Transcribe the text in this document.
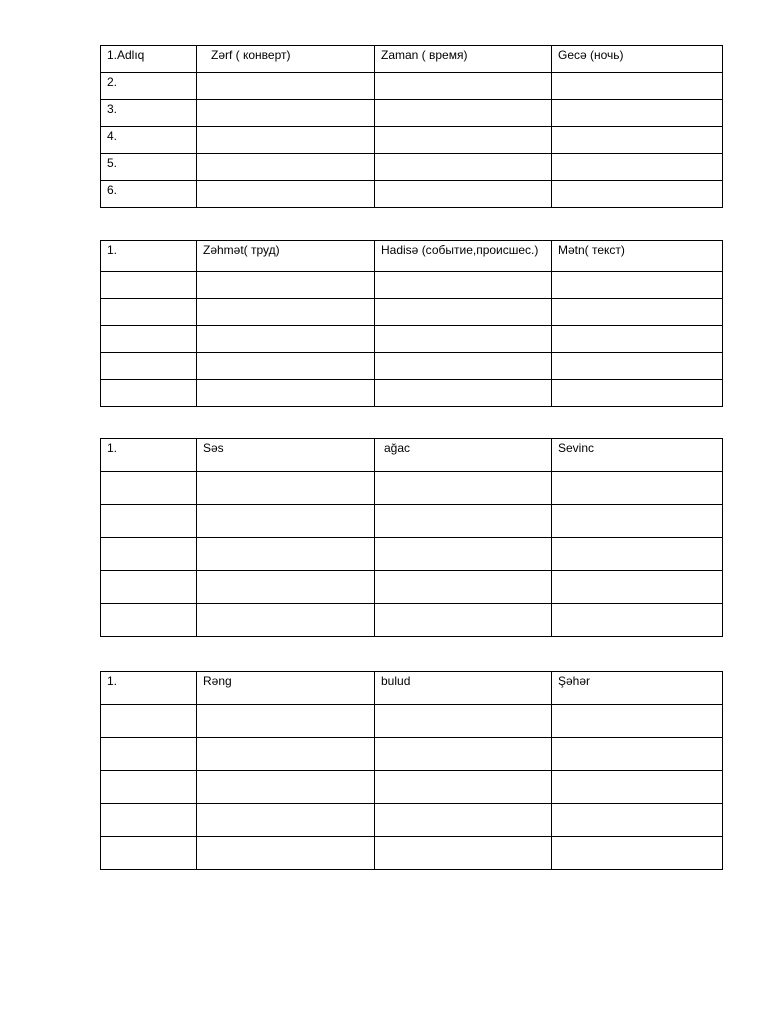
1.Adlıq	Zərf ( конверт)	Zaman ( время)	Gecə (ночь)
2.			
3.			
4.			
5.			
6.			
1.	Zəhmət( труд)	Hadisə (событие,происшес.)	Mətn( текст)

1.	Səs	ağac	Sevinc

1.	Rəng	bulud	Şəhər
